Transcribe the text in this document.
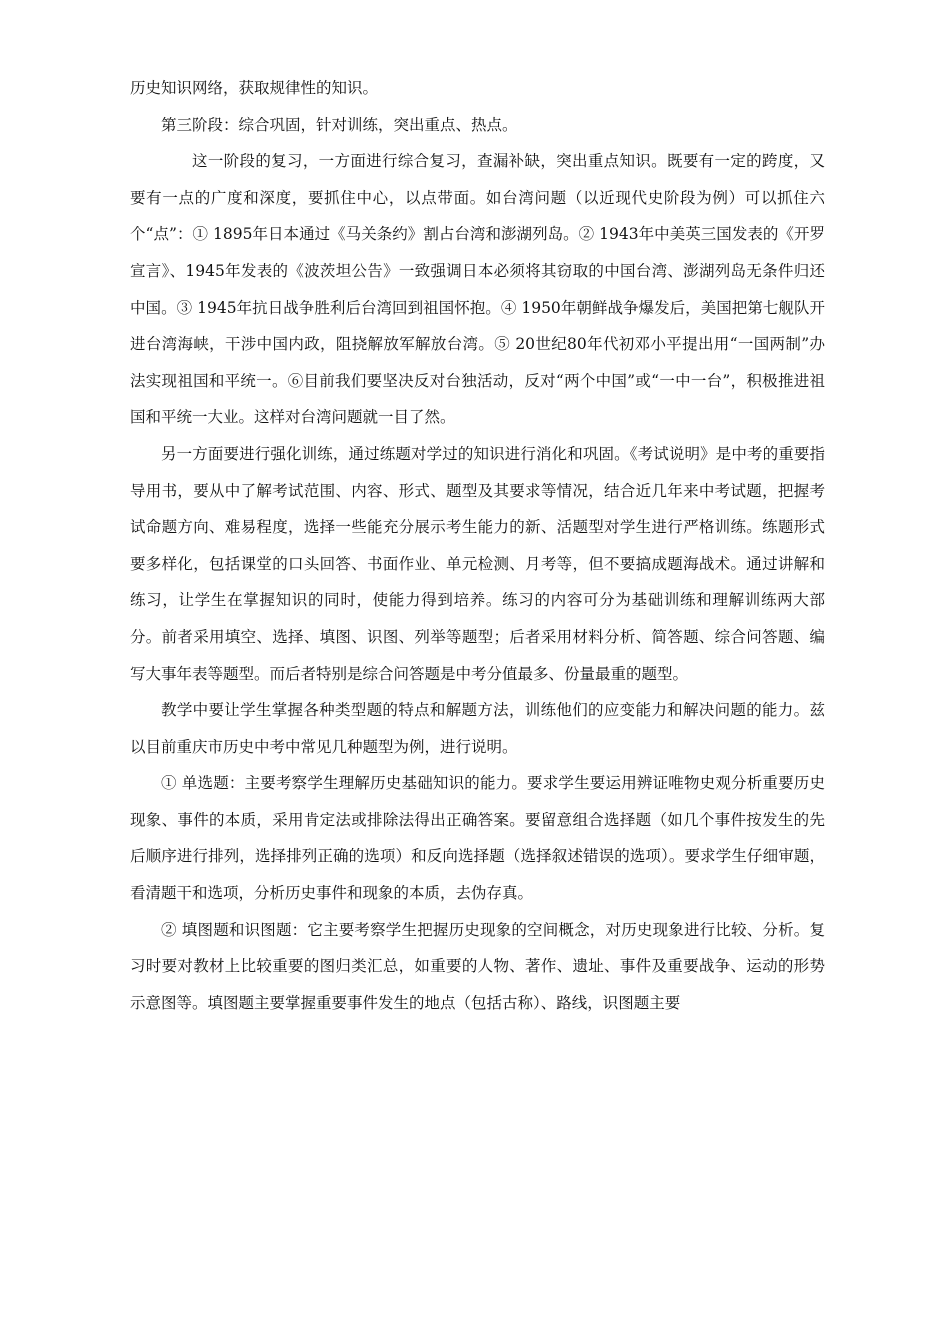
历史知识网络，获取规律性的知识。

第三阶段：综合巩固，针对训练，突出重点、热点。

这一阶段的复习，一方面进行综合复习，查漏补缺，突出重点知识。既要有一定的跨度，又要有一点的广度和深度，要抓住中心，以点带面。如台湾问题（以近现代史阶段为例）可以抓住六个“点”：① 1895年日本通过《马关条约》割占台湾和澎湖列岛。② 1943年中美英三国发表的《开罗宣言》、1945年发表的《波茨坦公告》一致强调日本必须将其窃取的中国台湾、澎湖列岛无条件归还中国。③ 1945年抗日战争胜利后台湾回到祖国怀抱。④ 1950年朝鲜战争爆发后，美国把第七舰队开进台湾海峡，干涉中国内政，阻挠解放军解放台湾。⑤ 20世纪80年代初邓小平提出用“一国两制”办法实现祖国和平统一。⑥目前我们要坚决反对台独活动，反对“两个中国”或“一中一台”，积极推进祖国和平统一大业。这样对台湾问题就一目了然。

另一方面要进行强化训练，通过练题对学过的知识进行消化和巩固。《考试说明》是中考的重要指导用书，要从中了解考试范围、内容、形式、题型及其要求等情况，结合近几年来中考试题，把握考试命题方向、难易程度，选择一些能充分展示考生能力的新、活题型对学生进行严格训练。练题形式要多样化，包括课堂的口头回答、书面作业、单元检测、月考等，但不要搞成题海战术。通过讲解和练习，让学生在掌握知识的同时，使能力得到培养。练习的内容可分为基础训练和理解训练两大部分。前者采用填空、选择、填图、识图、列举等题型；后者采用材料分析、简答题、综合问答题、编写大事年表等题型。而后者特别是综合问答题是中考分值最多、份量最重的题型。

教学中要让学生掌握各种类型题的特点和解题方法，训练他们的应变能力和解决问题的能力。兹以目前重庆市历史中考中常见几种题型为例，进行说明。

① 单选题：主要考察学生理解历史基础知识的能力。要求学生要运用辨证唯物史观分析重要历史现象、事件的本质，采用肯定法或排除法得出正确答案。要留意组合选择题（如几个事件按发生的先后顺序进行排列，选择排列正确的选项）和反向选择题（选择叙述错误的选项）。要求学生仔细审题，看清题干和选项，分析历史事件和现象的本质，去伪存真。

② 填图题和识图题：它主要考察学生把握历史现象的空间概念，对历史现象进行比较、分析。复习时要对教材上比较重要的图归类汇总，如重要的人物、著作、遗址、事件及重要战争、运动的形势示意图等。填图题主要掌握重要事件发生的地点（包括古称）、路线，识图题主要
